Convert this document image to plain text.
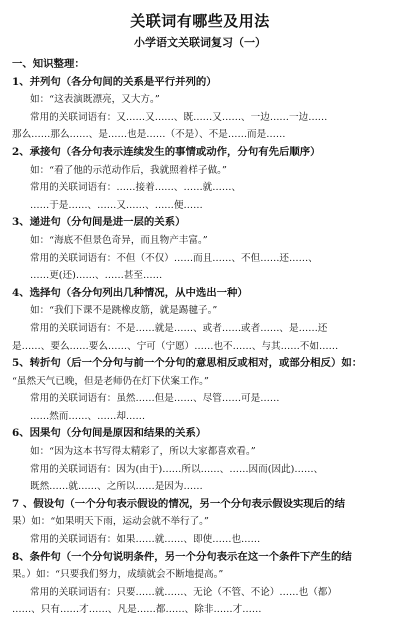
关联词有哪些及用法
小学语文关联词复习（一）
一、知识整理：
1、并列句（各分句间的关系是平行并列的）
如：“这表演既漂亮，又大方。”
常用的关联词语有：又……又……、既……又……、一边……一边……
那么……那么……、是……也是……（不是）、不是……而是……
2、承接句（各分句表示连续发生的事情或动作，分句有先后顺序）
如：“看了他的示范动作后，我就照着样子做。”
常用的关联词语有：……接着……、……就……、
……于是……、……又……、……便……
3、递进句（分句间是进一层的关系）
如：“海底不但景色奇异，而且物产丰富。”
常用的关联词语有：不但（不仅）……而且……、不但……还……、
……更(还)……、……甚至……
4、选择句（各分句列出几种情况，从中选出一种）
如：“我们下课不是跳橡皮筋，就是踢毽子。”
常用的关联词语有：不是……就是……、或者……或者……、是……还
是……、要么……要么……、宁可（宁愿）……也不……、与其……不如……
5、转折句（后一个分句与前一个分句的意思相反或相对，或部分相反）如：
“虽然天气已晚，但是老师仍在灯下伏案工作。”
常用的关联词语有：虽然……但是……、尽管……可是……
……然而……、……却……
6、因果句（分句间是原因和结果的关系）
如：“因为这本书写得太精彩了，所以大家都喜欢看。”
常用的关联词语有：因为(由于)……所以……、……因而(因此)……、
既然……就……、之所以……是因为……
7 、假设句（一个分句表示假设的情况，另一个分句表示假设实现后的结
果）如：“如果明天下雨，运动会就不举行了。”
常用的关联词语有：如果……就……、即使……也……
8、条件句（一个分句说明条件，另一个分句表示在这一个条件下产生的结
果。）如：“只要我们努力，成绩就会不断地提高。”
常用的关联词语有：只要……就……、无论（不管、不论）……也（都）
……、只有……才……、凡是……都……、除非……才……
